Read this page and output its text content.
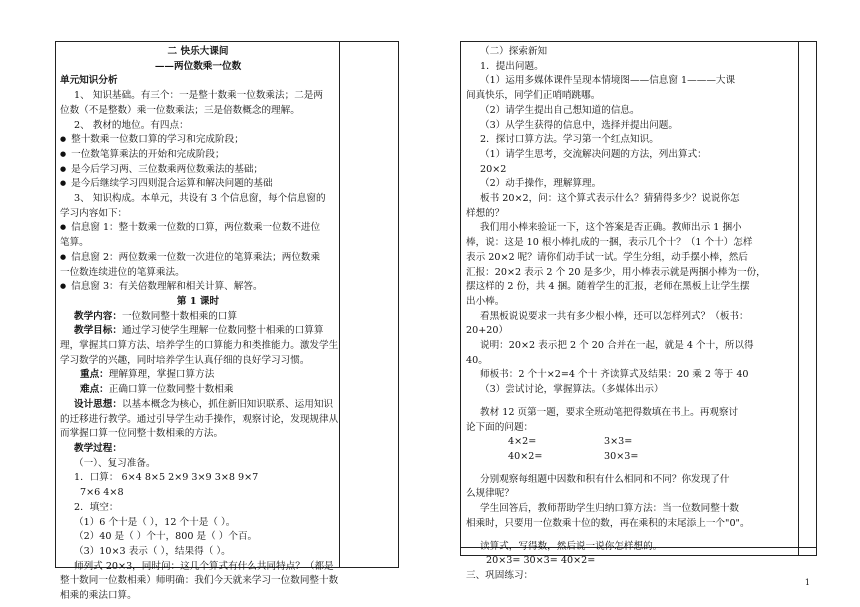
二 快乐大课间

——两位数乘一位数

单元知识分析

1、 知识基础。有三个：一是整十数乘一位数乘法；二是两

位数（不是整数）乘一位数乘法；三是倍数概念的理解。

2、 教材的地位。有四点：

● 整十数乘一位数口算的学习和完成阶段；

● 一位数笔算乘法的开始和完成阶段；

● 是今后学习两、三位数乘两位数乘法的基础；

● 是今后继续学习四则混合运算和解决问题的基础

3、 知识构成。本单元，共设有 3 个信息窗，每个信息窗的

学习内容如下：

● 信息窗 1：整十数乘一位数的口算，两位数乘一位数不进位

笔算。

● 信息窗 2：两位数乘一位数一次进位的笔算乘法；两位数乘

一位数连续进位的笔算乘法。

● 信息窗 3：有关倍数理解和相关计算、解答。

第 1 课时

教学内容：一位数同整十数相乘的口算

教学目标：通过学习使学生理解一位数同整十相乘的口算算

理，掌握其口算方法、培养学生的口算能力和类推能力。激发学生

学习数学的兴趣，同时培养学生认真仔细的良好学习习惯。

重点：理解算理，掌握口算方法

难点：正确口算一位数同整十数相乘

设计思想：以基本概念为核心，抓住新旧知识联系、运用知识

的迁移进行教学。通过引导学生动手操作，观察讨论，发现规律从

而掌握口算一位同整十数相乘的方法。

教学过程：

（一）、复习准备。

1．口算： 6×4 8×5 2×9 3×9 3×8 9×7

7×6 4×8

2．填空：

（1）6 个十是（ ），12 个十是（ ）。

（2）40 是（ ）个十，800 是（ ）个百。

（3）10×3 表示（ ），结果得（ ）。

师列式 20×3，同时问：这几个算式有什么共同特点？（都是

整十数同一位数相乘）师明确：我们今天就来学习一位数同整十数

相乘的乘法口算。

（二）探索新知

1．提出问题。

（1）运用多媒体课件呈现本情境图——信息窗 1———大课

间真快乐，同学们正哨哨跳哪。

（2）请学生提出自己想知道的信息。

（3）从学生获得的信息中，选择并提出问题。

2．探讨口算方法。学习第一个红点知识。

（1）请学生思考，交流解决问题的方法，列出算式：

20×2

（2）动手操作，理解算理。

板书 20×2，问：这个算式表示什么？猜猜得多少？说说你怎

样想的？

我们用小棒来验证一下，这个答案是否正确。教师出示 1 捆小

棒，说：这是 10 根小棒扎成的一捆，表示几个十？（1 个十）怎样

表示 20×2 呢？请你们动手试一试。学生分组，动手摆小棒，然后

汇报：20×2 表示 2 个 20 是多少，用小棒表示就是两捆小棒为一份，

摆这样的 2 份，共 4 捆。随着学生的汇报，老师在黑板上让学生摆

出小棒。

看黑板说说要求一共有多少根小棒，还可以怎样列式？（板书：

20+20）

说明：20×2 表示把 2 个 20 合并在一起，就是 4 个十，所以得

40。

师板书：2 个十×2=4 个十 齐读算式及结果：20 乘 2 等于 40

（3）尝试讨论，掌握算法。（多媒体出示）

教材 12 页第一题，要求全班动笔把得数填在书上。再观察讨

论下面的问题：

4×2=	3×3=

40×2=	30×3=

分别观察每组题中因数和积有什么相同和不同？你发现了什

么规律呢？

学生回答后，教师帮助学生归纳口算方法：当一位数同整十数

相乘时，只要用一位数乘十位的数，再在乘积的末尾添上一个"0"。

读算式，写得数，然后说一说你怎样想的。

20×3= 30×3= 40×2=

三、巩固练习：

1
